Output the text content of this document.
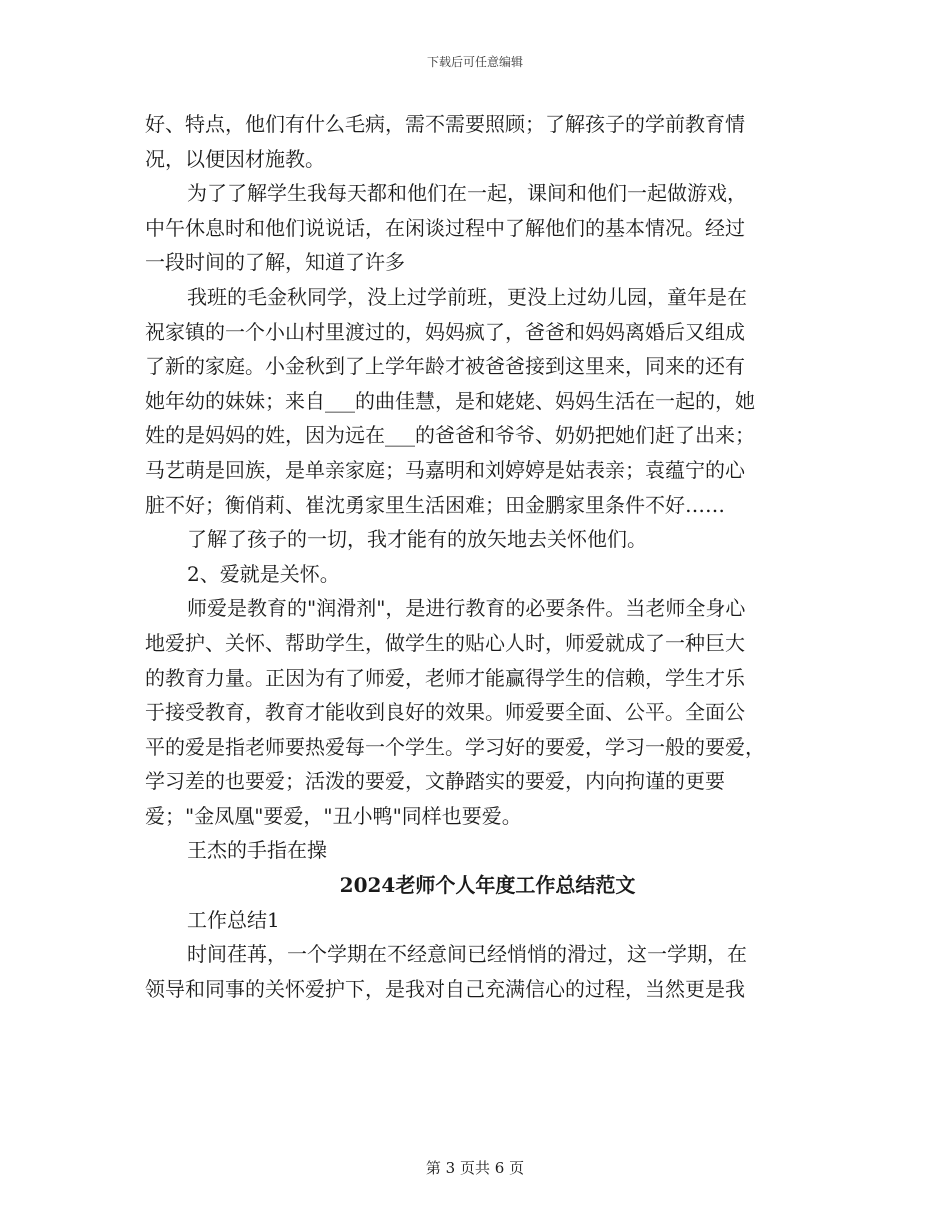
下载后可任意编辑
好、特点，他们有什么毛病，需不需要照顾；了解孩子的学前教育情
况，以便因材施教。
为了了解学生我每天都和他们在一起，课间和他们一起做游戏，
中午休息时和他们说说话，在闲谈过程中了解他们的基本情况。经过
一段时间的了解，知道了许多
我班的毛金秋同学，没上过学前班，更没上过幼儿园，童年是在
祝家镇的一个小山村里渡过的，妈妈疯了，爸爸和妈妈离婚后又组成
了新的家庭。小金秋到了上学年龄才被爸爸接到这里来，同来的还有
她年幼的妹妹；来自___的曲佳慧，是和姥姥、妈妈生活在一起的，她
姓的是妈妈的姓，因为远在___的爸爸和爷爷、奶奶把她们赶了出来；
马艺萌是回族，是单亲家庭；马嘉明和刘婷婷是姑表亲；袁蕴宁的心
脏不好；衡俏莉、崔沈勇家里生活困难；田金鹏家里条件不好……
了解了孩子的一切，我才能有的放矢地去关怀他们。
2、爱就是关怀。
师爱是教育的"润滑剂"，是进行教育的必要条件。当老师全身心
地爱护、关怀、帮助学生，做学生的贴心人时，师爱就成了一种巨大
的教育力量。正因为有了师爱，老师才能赢得学生的信赖，学生才乐
于接受教育，教育才能收到良好的效果。师爱要全面、公平。全面公
平的爱是指老师要热爱每一个学生。学习好的要爱，学习一般的要爱，
学习差的也要爱；活泼的要爱，文静踏实的要爱，内向拘谨的更要
爱；"金凤凰"要爱，"丑小鸭"同样也要爱。
王杰的手指在操
2024老师个人年度工作总结范文
工作总结1
时间荏苒，一个学期在不经意间已经悄悄的滑过，这一学期，在
领导和同事的关怀爱护下，是我对自己充满信心的过程，当然更是我
第 3 页共 6 页
